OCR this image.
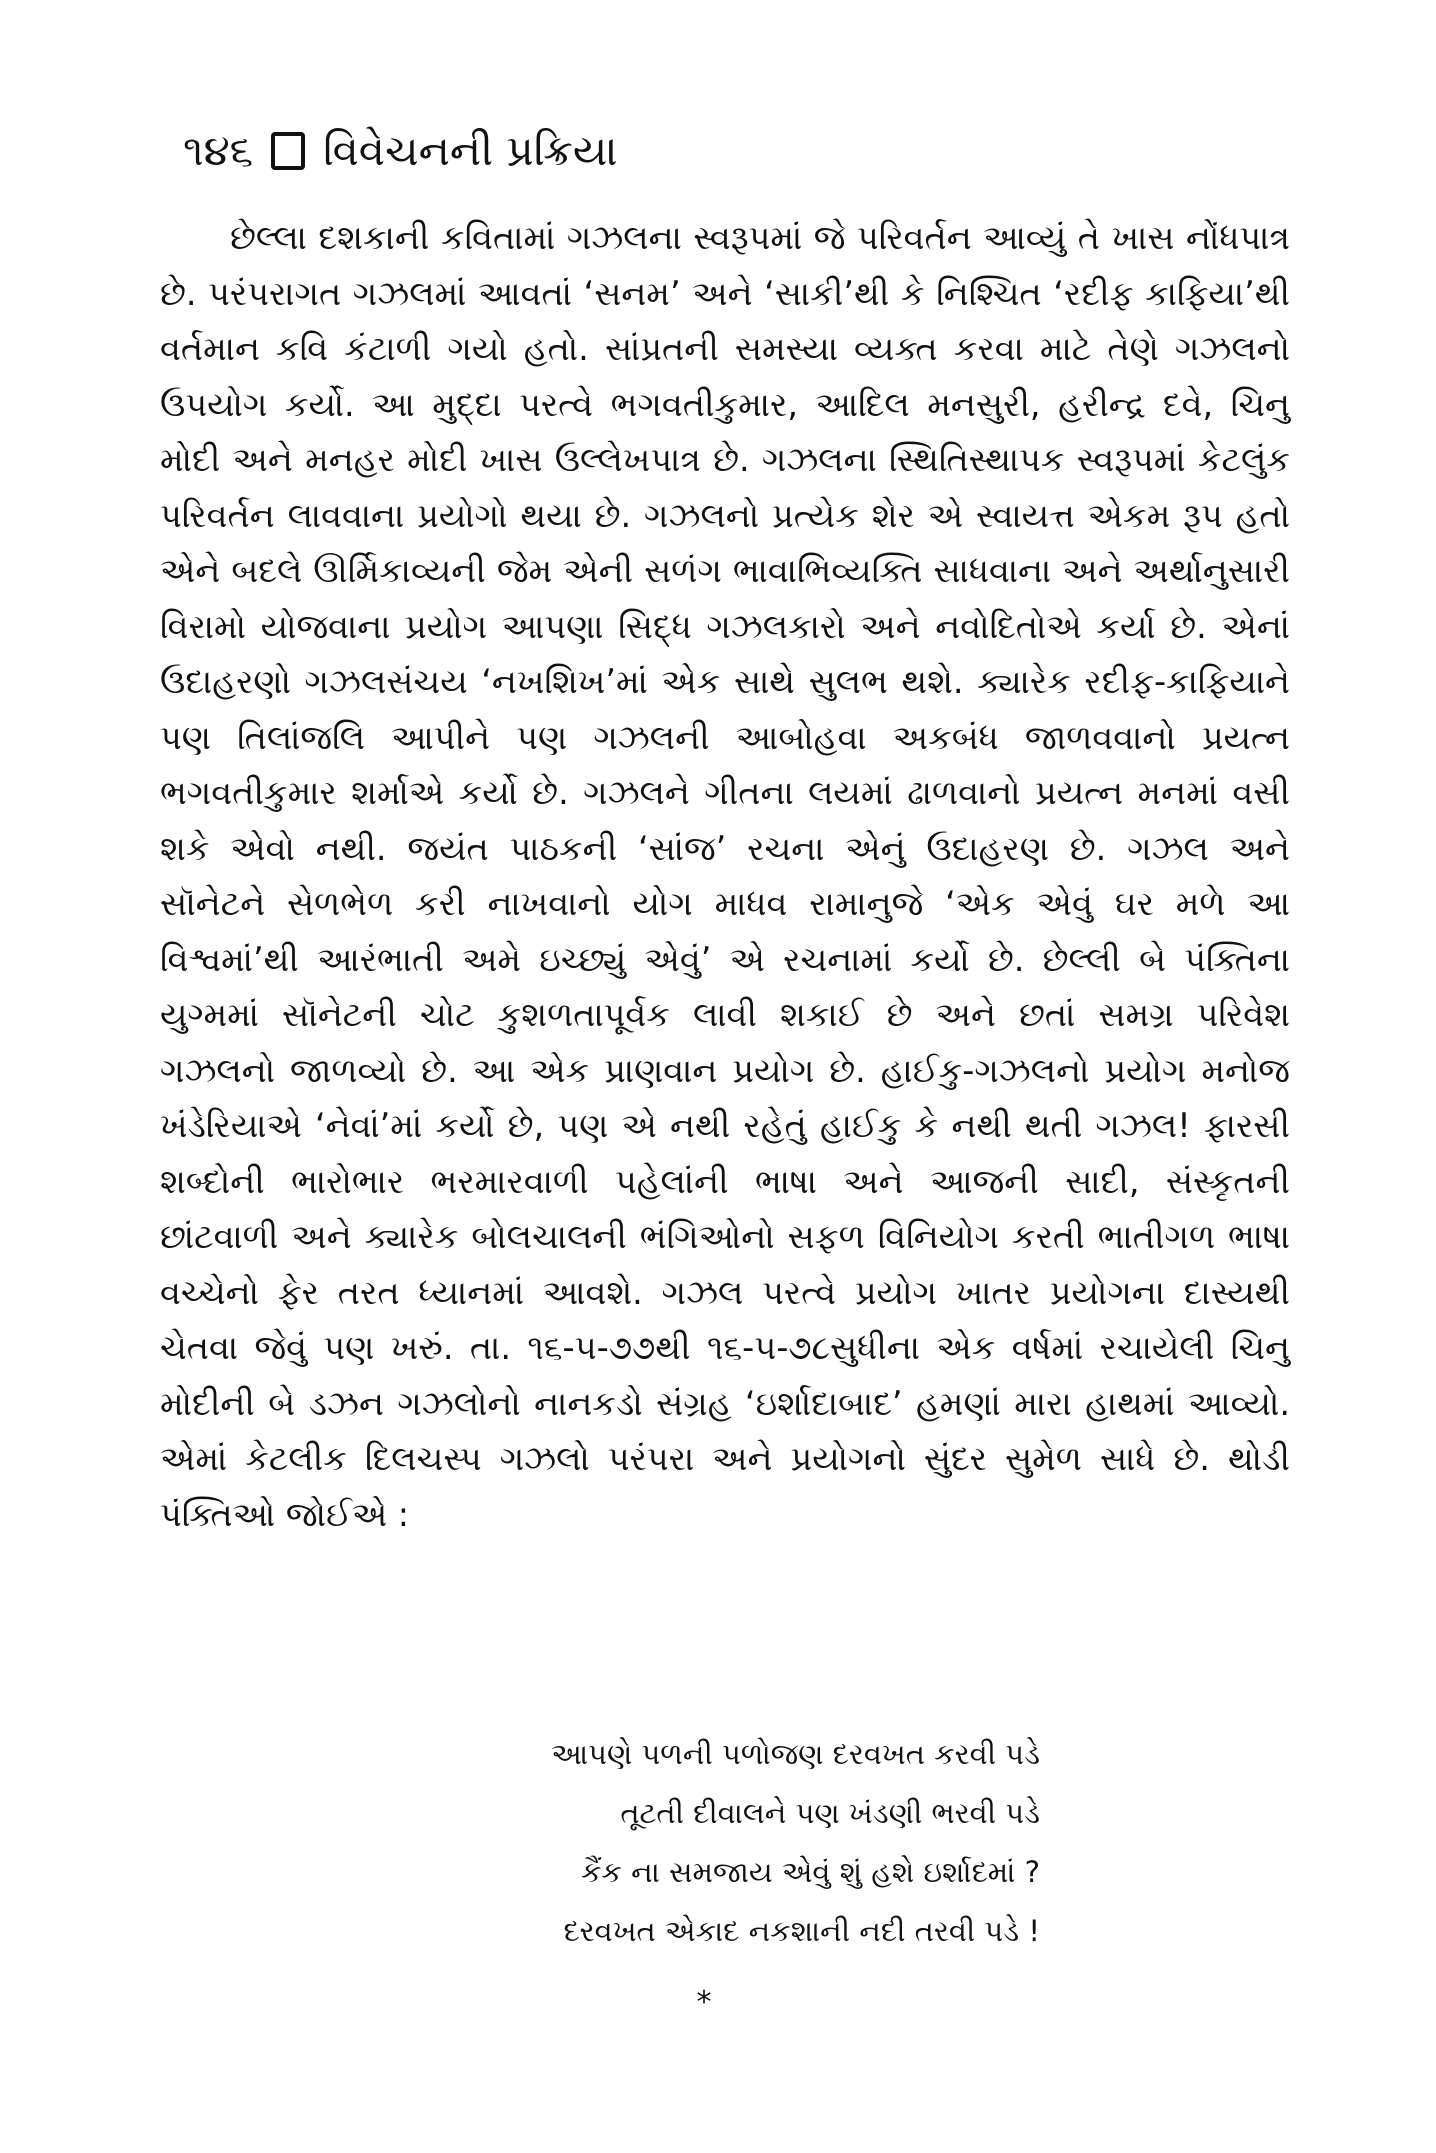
૧૪૬ વિવેચનની પ્રક્રિયા

છેલ્લા દશકાની કવિતામાં ગઝલના સ્વરૂપમાં જે પરિવર્તન આવ્યું તે ખાસ નોંધપાત્ર છે. પરંપરાગત ગઝલમાં આવતાં ‘સનમ’ અને ‘સાકી’થી કે નિશ્ચિત ‘રદીફ કાફિયા’થી વર્તમાન કવિ કંટાળી ગયો હતો. સાંપ્રતની સમસ્યા વ્યક્ત કરવા માટે તેણે ગઝલનો ઉપયોગ કર્યો. આ મુદ્દા પરત્વે ભગવતીકુમાર, આદિલ મનસુરી, હરીન્દ્ર દવે, ચિનુ મોદી અને મનહર મોદી ખાસ ઉલ્લેખપાત્ર છે. ગઝલના સ્થિતિસ્થાપક સ્વરૂપમાં કેટલુંક પરિવર્તન લાવવાના પ્રયોગો થયા છે. ગઝલનો પ્રત્યેક શેર એ સ્વાયત્ત એકમ રૂપ હતો એને બદલે ઊર્મિકાવ્યની જેમ એની સળંગ ભાવાભિવ્યક્તિ સાધવાના અને અર્થાનુસારી વિરામો યોજવાના પ્રયોગ આપણા સિદ્ધ ગઝલકારો અને નવોદિતોએ કર્યા છે. એનાં ઉદાહરણો ગઝલસંચય ‘નખશિખ’માં એક સાથે સુલભ થશે. ક્યારેક રદીફ-કાફિયાને પણ તિલાંજલિ આપીને પણ ગઝલની આબોહવા અકબંધ જાળવવાનો પ્રયત્ન ભગવતીકુમાર શર્માએ કર્યો છે. ગઝલને ગીતના લયમાં ઢાળવાનો પ્રયત્ન મનમાં વસી શકે એવો નથી. જયંત પાઠકની ‘સાંજ’ રચના એનું ઉદાહરણ છે. ગઝલ અને સૉનેટને સેળભેળ કરી નાખવાનો યોગ માધવ રામાનુજે ‘એક એવું ઘર મળે આ વિશ્વમાં’થી આરંભાતી અમે ઇચ્છ્યું એવું’ એ રચનામાં કર્યો છે. છેલ્લી બે પંક્તિના યુગ્મમાં સૉનેટની ચોટ કુશળતાપૂર્વક લાવી શકાઈ છે અને છતાં સમગ્ર પરિવેશ ગઝલનો જાળવ્યો છે. આ એક પ્રાણવાન પ્રયોગ છે. હાઈકુ-ગઝલનો પ્રયોગ મનોજ ખંડેરિયાએ ‘નેવાં’માં કર્યો છે, પણ એ નથી રહેતું હાઈકુ કે નથી થતી ગઝલ! ફારસી શબ્દોની ભારોભાર ભરમારવાળી પહેલાંની ભાષા અને આજની સાદી, સંસ્કૃતની છાંટવાળી અને ક્યારેક બોલચાલની ભંગિઓનો સફળ વિનિયોગ કરતી ભાતીગળ ભાષા વચ્ચેનો ફેર તરત ધ્યાનમાં આવશે. ગઝલ પરત્વે પ્રયોગ ખાતર પ્રયોગના દાસ્યથી ચેતવા જેવું પણ ખરું. તા. ૧૬-૫-૭૭થી ૧૬-૫-૭૮સુધીના એક વર્ષમાં રચાયેલી ચિનુ મોદીની બે ડઝન ગઝલોનો નાનકડો સંગ્રહ ‘ઇર્શાદાબાદ’ હમણાં મારા હાથમાં આવ્યો. એમાં કેટલીક દિલચસ્પ ગઝલો પરંપરા અને પ્રયોગનો સુંદર સુમેળ સાધે છે. થોડી પંક્તિઓ જોઈએ :

આપણે પળની પળોજણ દરવખત કરવી પડે
તૂટતી દીવાલને પણ ખંડણી ભરવી પડે
કૈંક ના સમજાય એવું શું હશે ઇર્શાદમાં ?
દરવખત એકાદ નકશાની નદી તરવી પડે !
*
